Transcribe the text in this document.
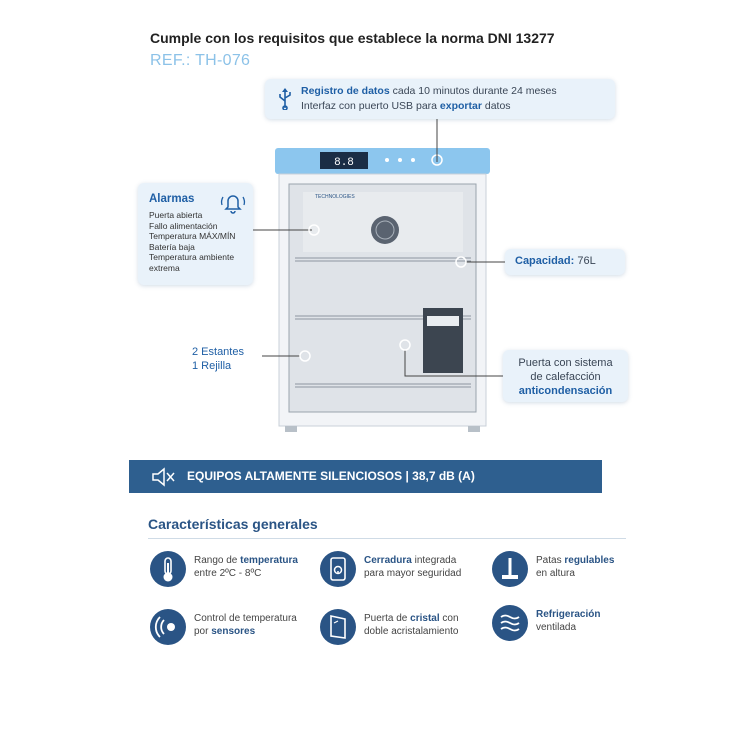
Cumple con los requisitos que establece la norma DNI 13277
REF.: TH-076
Registro de datos cada 10 minutos durante 24 meses
Interfaz con puerto USB para exportar datos
Alarmas
Puerta abierta
Fallo alimentación
Temperatura MÁX/MÍN
Batería baja
Temperatura ambiente
extrema
Capacidad: 76L
2 Estantes
1 Rejilla	Puerta con sistema
de calefacción
anticondensación
8.8
TECHNOLOGIES
EQUIPOS ALTAMENTE SILENCIOSOS | 38,7 dB (A)
Características generales
Rango de temperatura
entre 2ºC - 8ºC
Cerradura integrada
para mayor seguridad
Patas regulables
en altura
Control de temperatura
por sensores
Puerta de cristal con
doble acristalamiento
Refrigeración
ventilada
